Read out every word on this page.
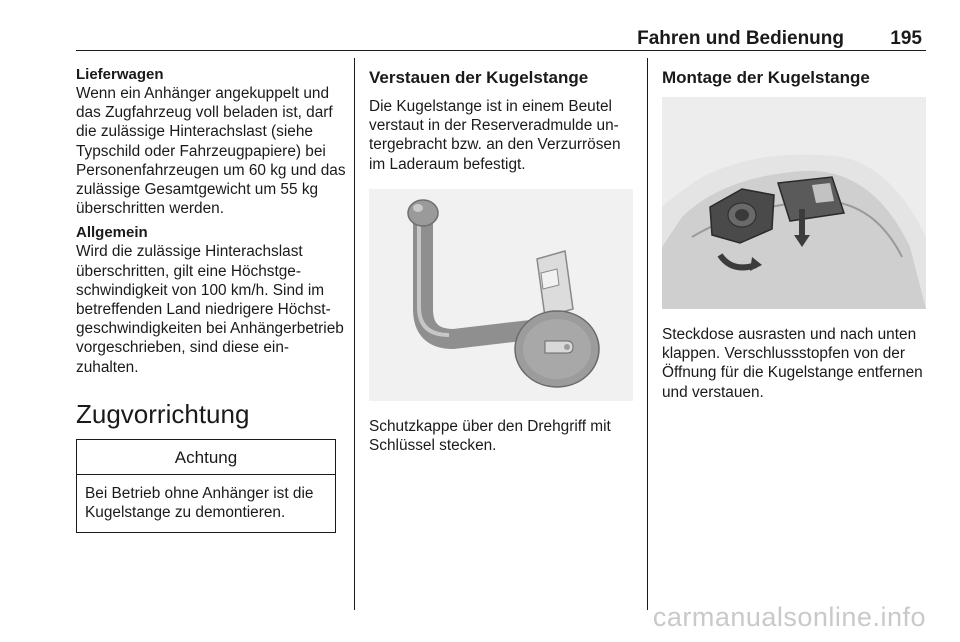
Fahren und Bedienung 195
Lieferwagen

Wenn ein Anhänger angekuppelt und das Zugfahrzeug voll beladen ist, darf die zulässige Hinterachslast (siehe Typschild oder Fahrzeugpapiere) bei Personenfahrzeugen um 60 kg und das zulässige Gesamtgewicht um 55 kg überschritten werden.

Allgemein

Wird die zulässige Hinterachslast überschritten, gilt eine Höchstgeschwindigkeit von 100 km/h. Sind im betreffenden Land niedrigere Höchstgeschwindigkeiten bei Anhängerbetrieb vorgeschrieben, sind diese einzuhalten.

Zugvorrichtung
Achtung
Bei Betrieb ohne Anhänger ist die Kugelstange zu demontieren.
Verstauen der Kugelstange

Die Kugelstange ist in einem Beutel verstaut in der Reserveradmulde untergebracht bzw. an den Verzurrösen im Laderaum befestigt.

Schutzkappe über den Drehgriff mit Schlüssel stecken.

Montage der Kugelstange

Steckdose ausrasten und nach unten klappen. Verschlussstopfen von der Öffnung für die Kugelstange entfernen und verstauen.

carmanualsonline.info
